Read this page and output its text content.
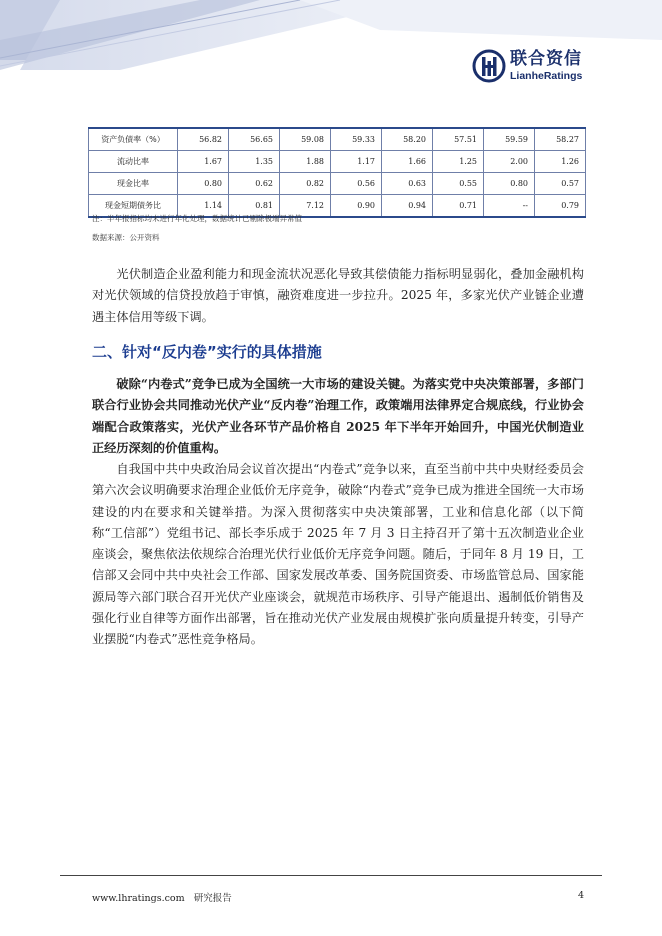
联合资信
LianheRatings
资产负债率（%）	56.82	56.65	59.08	59.33	58.20	57.51	59.59	58.27
流动比率	1.67	1.35	1.88	1.17	1.66	1.25	2.00	1.26
现金比率	0.80	0.62	0.82	0.56	0.63	0.55	0.80	0.57
现金短期债务比	1.14	0.81	7.12	0.90	0.94	0.71	--	0.79
注：半年报指标均未进行年化处理，数据统计已剔除极端异常值
数据来源：公开资料

光伏制造企业盈利能力和现金流状况恶化导致其偿债能力指标明显弱化，叠加金融机构对光伏领域的信贷投放趋于审慎，融资难度进一步拉升。2025 年，多家光伏产业链企业遭遇主体信用等级下调。

二、针对“反内卷”实行的具体措施

破除“内卷式”竞争已成为全国统一大市场的建设关键。为落实党中央决策部署，多部门联合行业协会共同推动光伏产业“反内卷”治理工作，政策端用法律界定合规底线，行业协会端配合政策落实，光伏产业各环节产品价格自 2025 年下半年开始回升，中国光伏制造业正经历深刻的价值重构。

自我国中共中央政治局会议首次提出“内卷式”竞争以来，直至当前中共中央财经委员会第六次会议明确要求治理企业低价无序竞争，破除“内卷式”竞争已成为推进全国统一大市场建设的内在要求和关键举措。为深入贯彻落实中央决策部署，工业和信息化部（以下简称“工信部”）党组书记、部长李乐成于 2025 年 7 月 3 日主持召开了第十五次制造业企业座谈会，聚焦依法依规综合治理光伏行业低价无序竞争问题。随后，于同年 8 月 19 日，工信部又会同中共中央社会工作部、国家发展改革委、国务院国资委、市场监管总局、国家能源局等六部门联合召开光伏产业座谈会，就规范市场秩序、引导产能退出、遏制低价销售及强化行业自律等方面作出部署，旨在推动光伏产业发展由规模扩张向质量提升转变，引导产业摆脱“内卷式”恶性竞争格局。

www.lhratings.com 研究报告	4
